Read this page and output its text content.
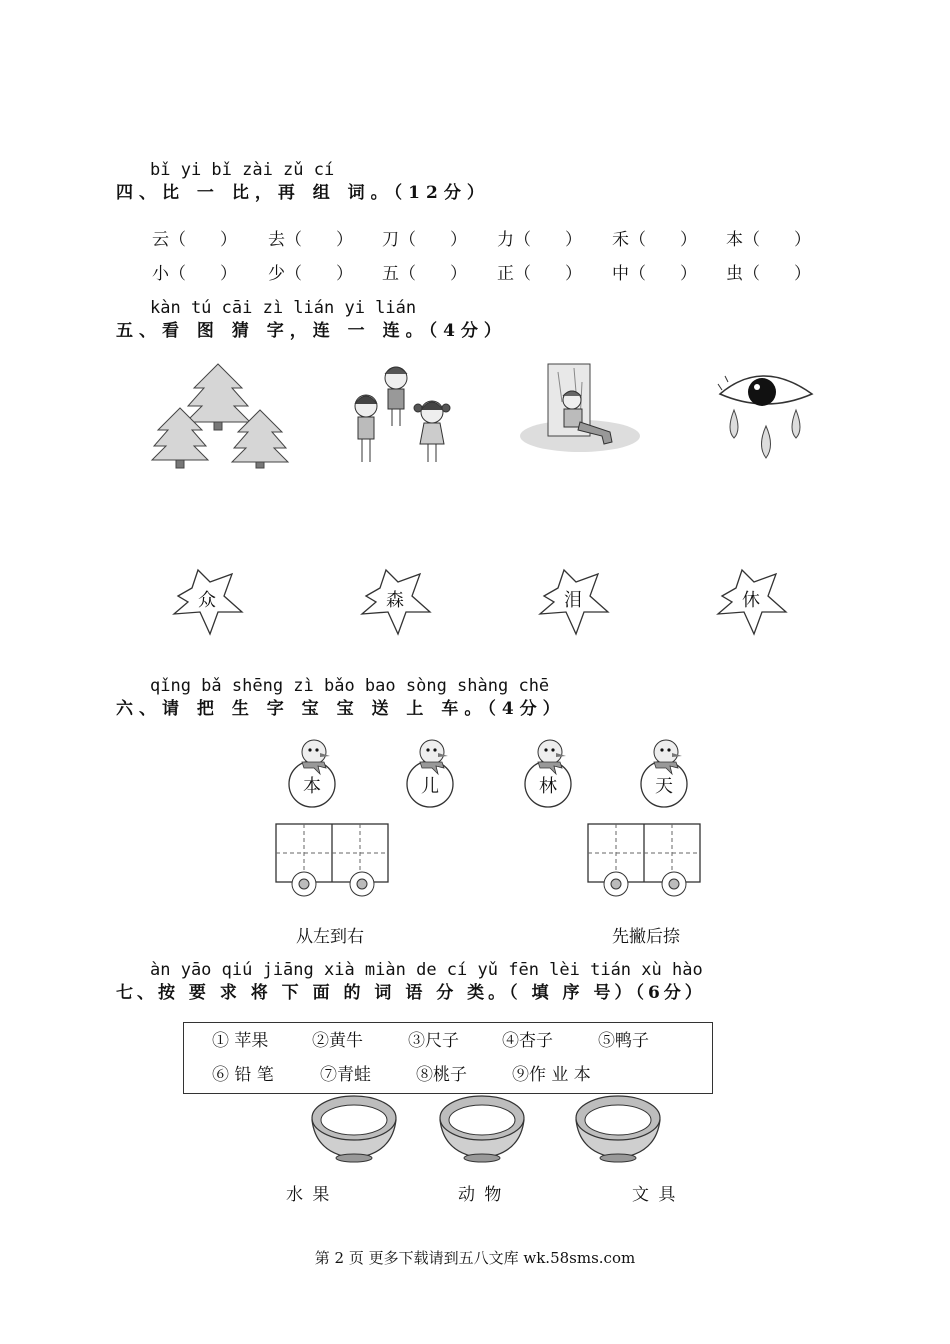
bǐ yi bǐ zài zǔ cí
四、比 一 比，再 组 词。（12分）
云（　　） 去（　　） 刀（　　） 力（　　） 禾（　　） 本（　　）
小（　　） 少（　　） 五（　　） 正（　　） 中（　　） 虫（　　）
kàn tú cāi zì lián yi lián
五、看 图 猜 字，连 一 连。（4分）
众	森	泪	休
qǐng bǎ shēng zì bǎo bao sòng shàng chē
六、请 把 生 字 宝 宝 送 上 车。（4分）
本	儿	林	天
从左到右	先撇后捺
àn yāo qiú jiāng xià miàn de cí yǔ fēn lèi tián xù hào
七、按 要 求 将 下 面 的 词 语 分 类。（ 填 序 号）（6分）
① 苹果	②黄牛	③尺子	④杏子	⑤鸭子
⑥ 铅 笔	⑦青蛙	⑧桃子	⑨作 业 本
水 果	动 物	文 具
第 2 页 更多下载请到五八文库 wk.58sms.com
